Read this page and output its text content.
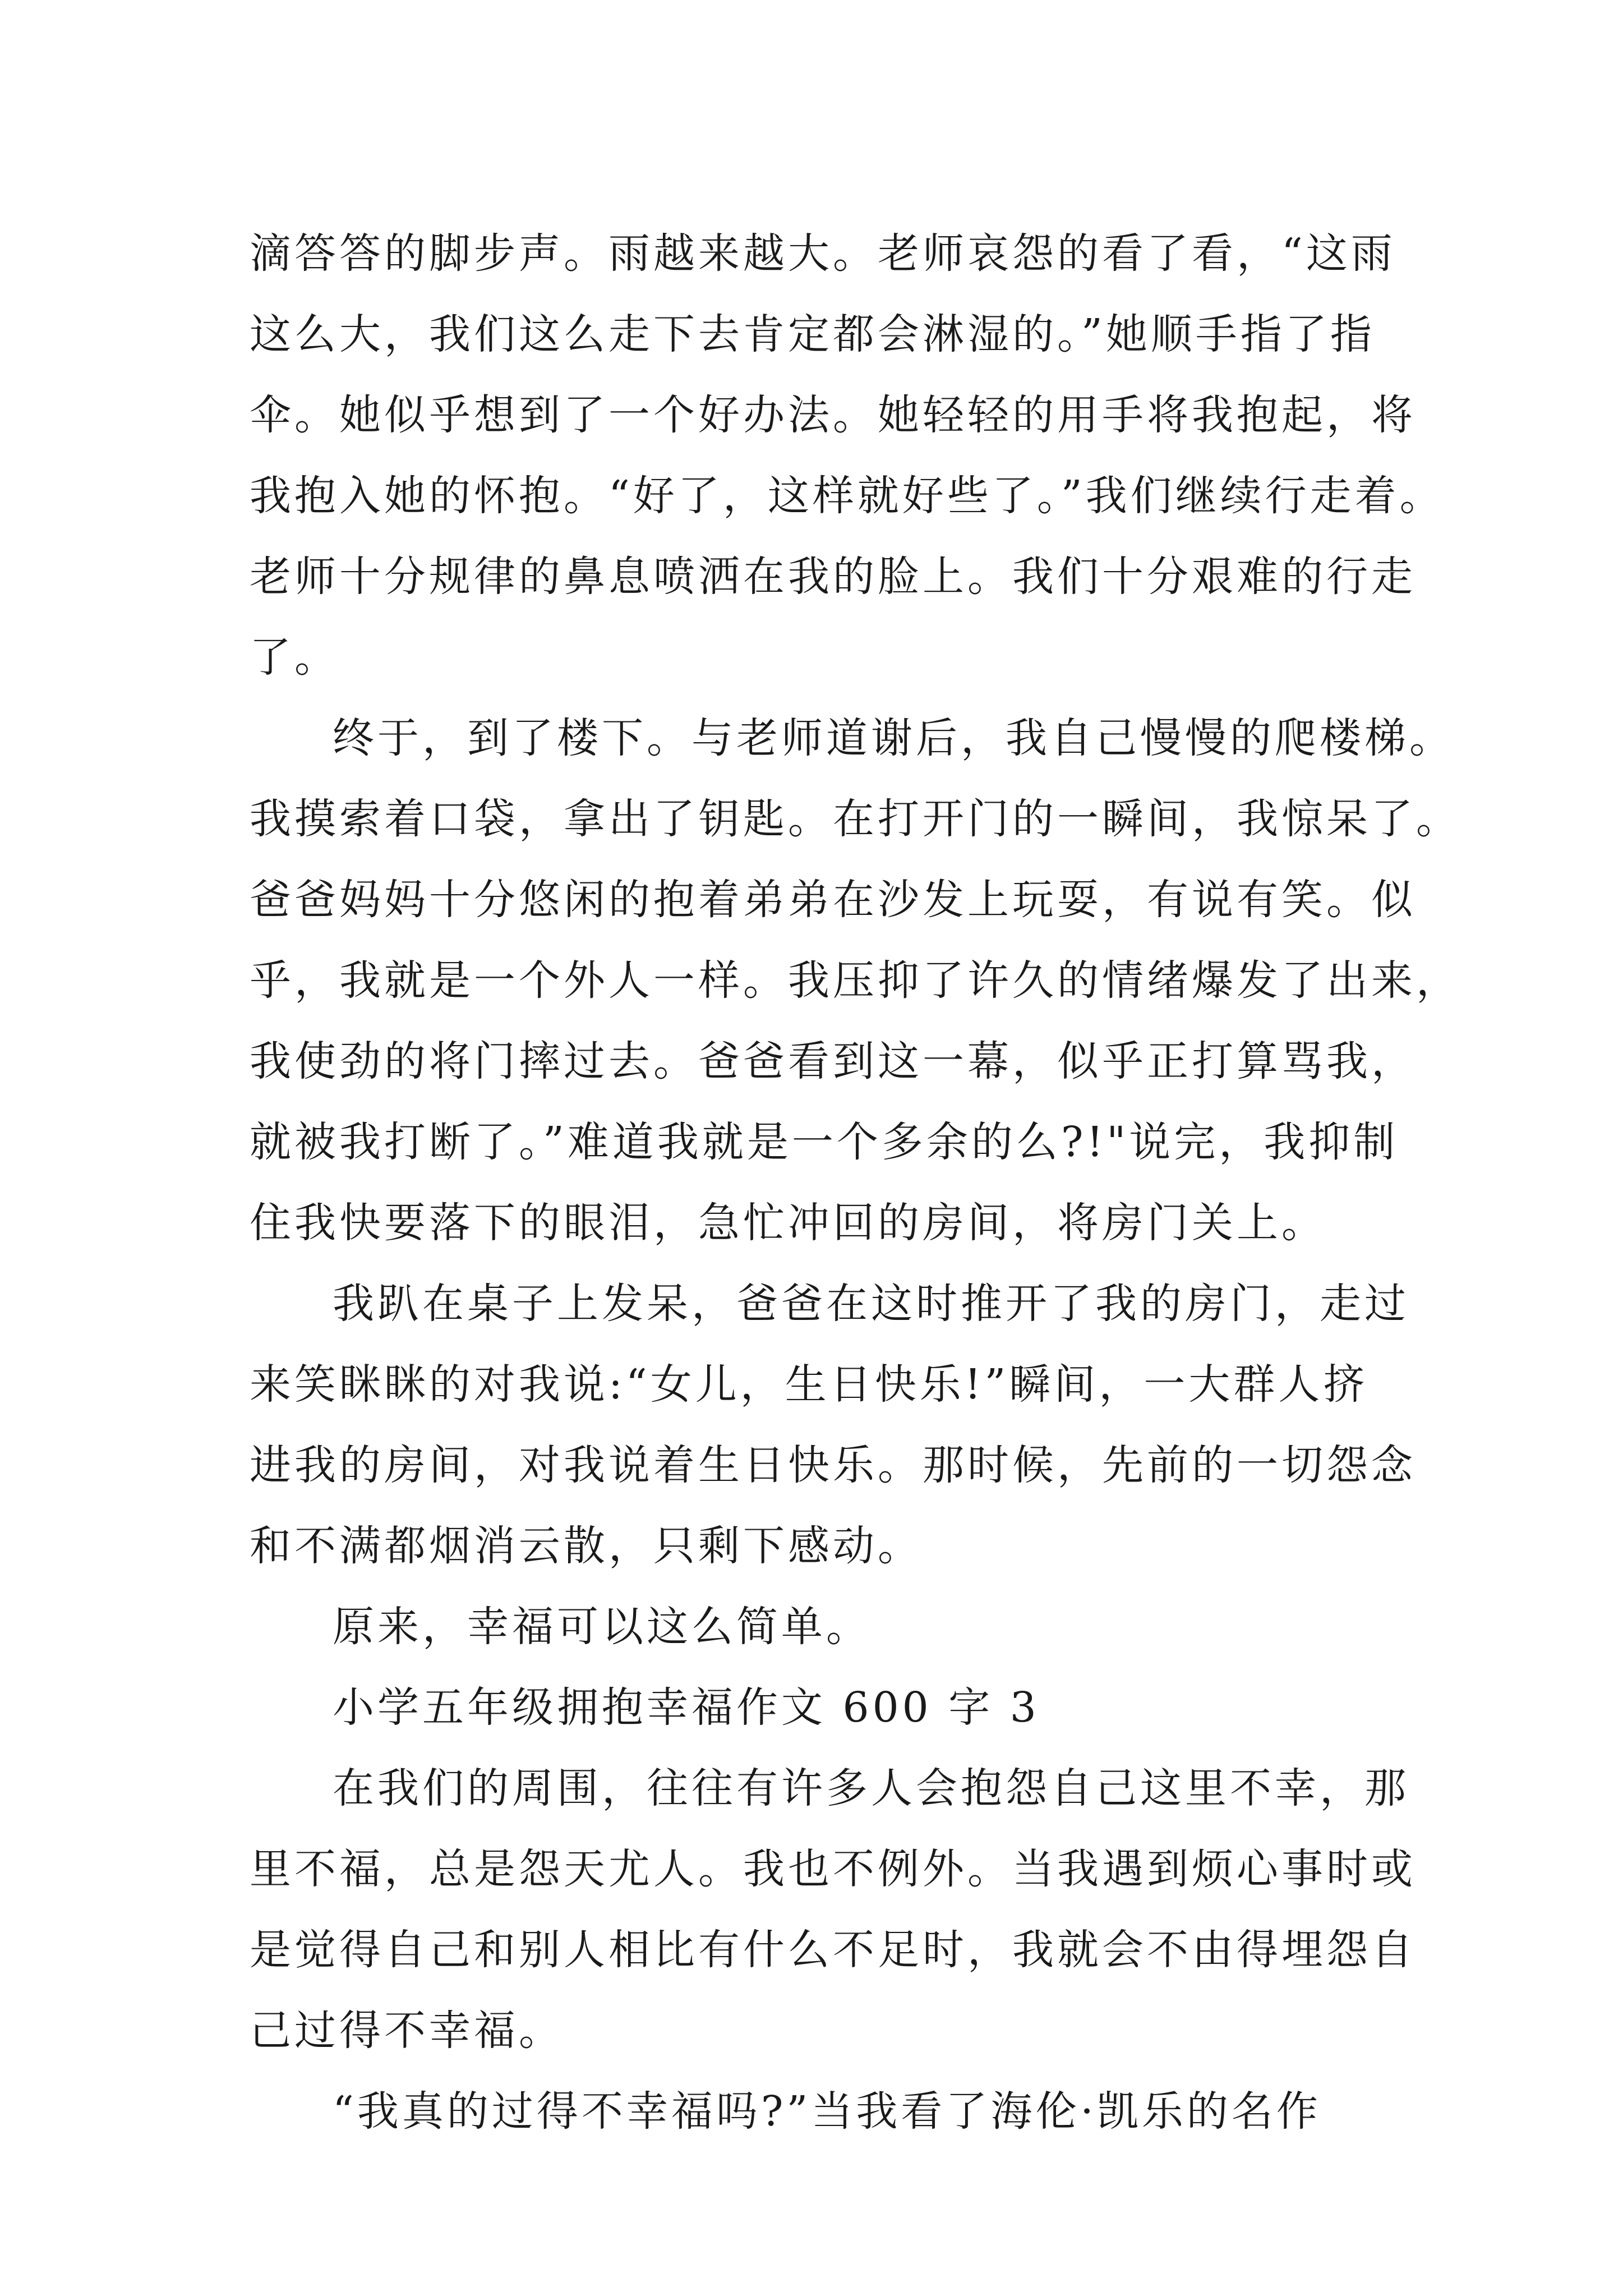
滴答答的脚步声。雨越来越大。老师哀怨的看了看，“这雨
这么大，我们这么走下去肯定都会淋湿的。”她顺手指了指
伞。她似乎想到了一个好办法。她轻轻的用手将我抱起，将
我抱入她的怀抱。“好了，这样就好些了。”我们继续行走着。
老师十分规律的鼻息喷洒在我的脸上。我们十分艰难的行走
了。
终于，到了楼下。与老师道谢后，我自己慢慢的爬楼梯。
我摸索着口袋，拿出了钥匙。在打开门的一瞬间，我惊呆了。
爸爸妈妈十分悠闲的抱着弟弟在沙发上玩耍，有说有笑。似
乎，我就是一个外人一样。我压抑了许久的情绪爆发了出来，
我使劲的将门摔过去。爸爸看到这一幕，似乎正打算骂我，
就被我打断了。”难道我就是一个多余的么?!"说完，我抑制
住我快要落下的眼泪，急忙冲回的房间，将房门关上。
我趴在桌子上发呆，爸爸在这时推开了我的房门，走过
来笑眯眯的对我说:“女儿，生日快乐!”瞬间，一大群人挤
进我的房间，对我说着生日快乐。那时候，先前的一切怨念
和不满都烟消云散，只剩下感动。
原来，幸福可以这么简单。
小学五年级拥抱幸福作文 600 字 3
在我们的周围，往往有许多人会抱怨自己这里不幸，那
里不福，总是怨天尤人。我也不例外。当我遇到烦心事时或
是觉得自己和别人相比有什么不足时，我就会不由得埋怨自
己过得不幸福。
“我真的过得不幸福吗?”当我看了海伦·凯乐的名作
